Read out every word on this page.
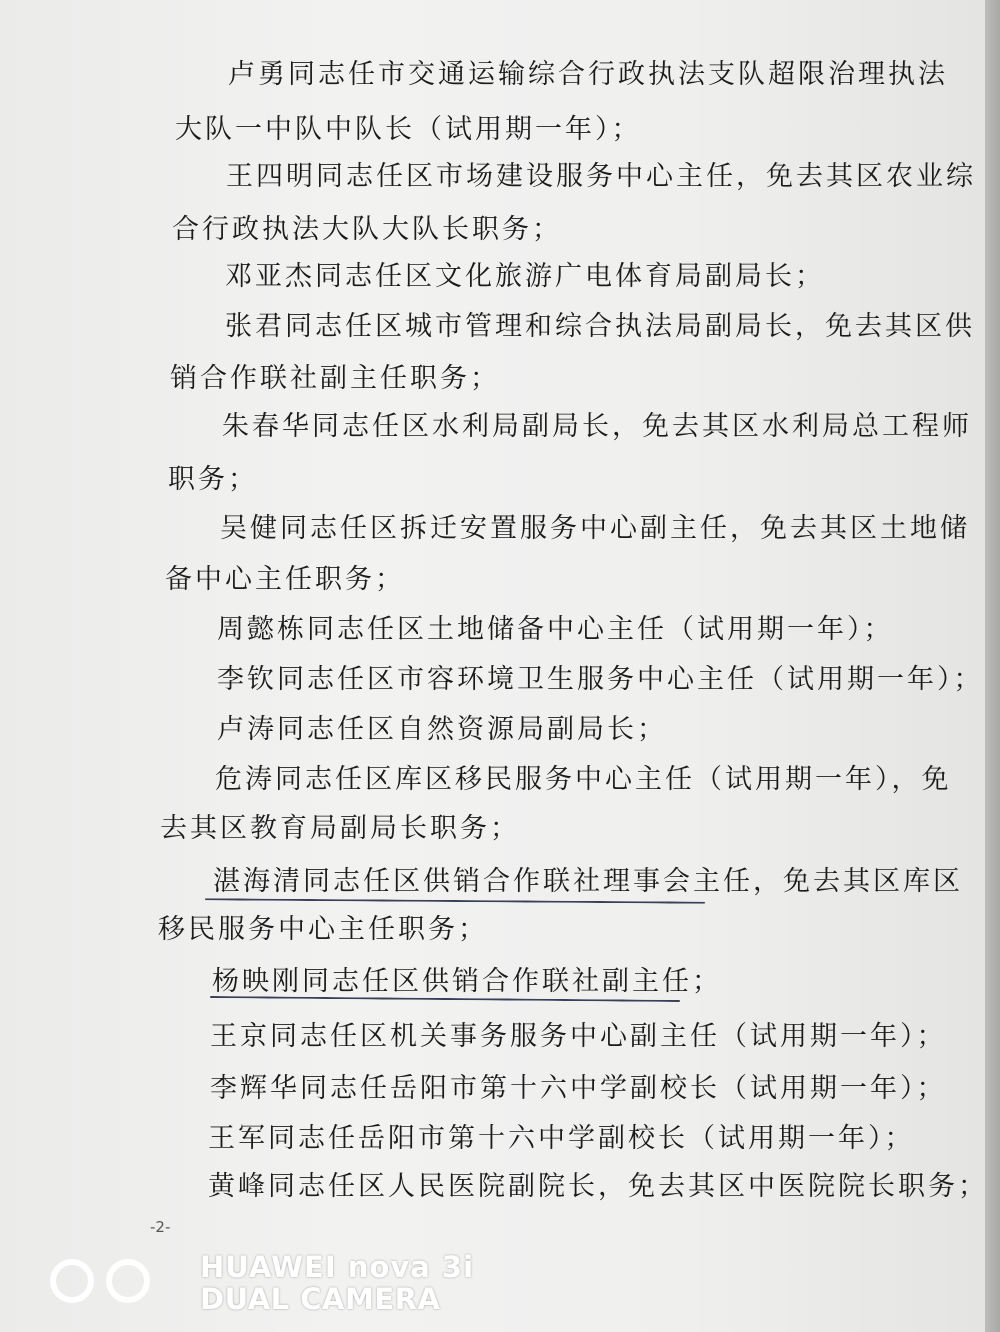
卢勇同志任市交通运输综合行政执法支队超限治理执法

大队一中队中队长（试用期一年）；

王四明同志任区市场建设服务中心主任，免去其区农业综

合行政执法大队大队长职务；

邓亚杰同志任区文化旅游广电体育局副局长；

张君同志任区城市管理和综合执法局副局长，免去其区供

销合作联社副主任职务；

朱春华同志任区水利局副局长，免去其区水利局总工程师

职务；

吴健同志任区拆迁安置服务中心副主任，免去其区土地储

备中心主任职务；

周懿栋同志任区土地储备中心主任（试用期一年）；

李钦同志任区市容环境卫生服务中心主任（试用期一年）；

卢涛同志任区自然资源局副局长；

危涛同志任区库区移民服务中心主任（试用期一年），免

去其区教育局副局长职务；

湛海清同志任区供销合作联社理事会主任，免去其区库区

移民服务中心主任职务；

杨映刚同志任区供销合作联社副主任；

王京同志任区机关事务服务中心副主任（试用期一年）；

李辉华同志任岳阳市第十六中学副校长（试用期一年）；

王军同志任岳阳市第十六中学副校长（试用期一年）；

黄峰同志任区人民医院副院长，免去其区中医院院长职务；

-2-
HUAWEI nova 3i
DUAL CAMERA
